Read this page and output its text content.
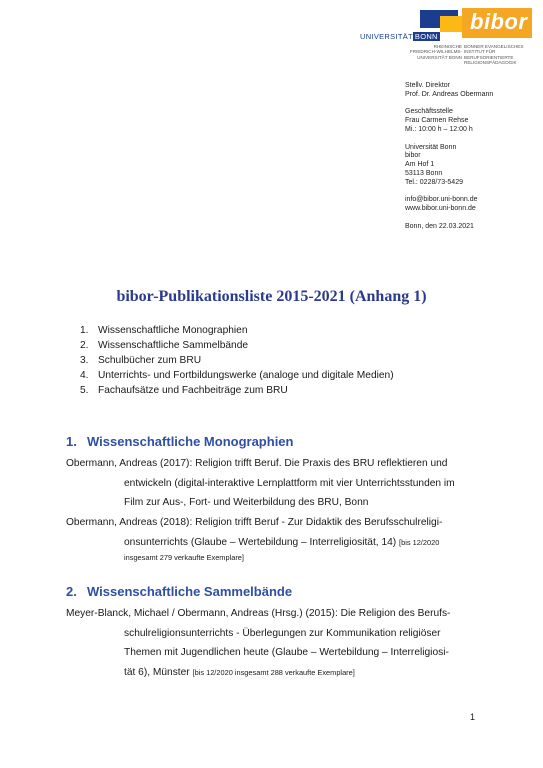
UNIVERSITÄT BONN
RHEINISCHE
FRIEDRICH-WILHELMS-
UNIVERSITÄT BONN
bibor
BONNER EVANGELISCHES
INSTITUT FÜR BERUFSORIENTIERTE
RELIGIONSPÄDAGOGIK

Stellv. Direktor

Prof. Dr. Andreas Obermann

Geschäftsstelle

Frau Carmen Rehse

Mi.: 10:00 h – 12:00 h

Universität Bonn

bibor

Am Hof 1

53113 Bonn

Tel.: 0228/73-5429

info@bibor.uni-bonn.de

www.bibor.uni-bonn.de

Bonn, den 22.03.2021

bibor-Publikationsliste 2015-2021 (Anhang 1)
1. Wissenschaftliche Monographien
2. Wissenschaftliche Sammelbände
3. Schulbücher zum BRU
4. Unterrichts- und Fortbildungswerke (analoge und digitale Medien)
5. Fachaufsätze und Fachbeiträge zum BRU
1. Wissenschaftliche Monographien
Obermann, Andreas (2017): Religion trifft Beruf. Die Praxis des BRU reflektieren und
entwickeln (digital-interaktive Lernplattform mit vier Unterrichtsstunden im
Film zur Aus-, Fort- und Weiterbildung des BRU, Bonn
Obermann, Andreas (2018): Religion trifft Beruf - Zur Didaktik des Berufsschulreligi-
onsunterrichts (Glaube – Wertebildung – Interreligiosität, 14) [bis 12/2020
insgesamt 279 verkaufte Exemplare]
2. Wissenschaftliche Sammelbände
Meyer-Blanck, Michael / Obermann, Andreas (Hrsg.) (2015): Die Religion des Berufs-
schulreligionsunterrichts - Überlegungen zur Kommunikation religiöser
Themen mit Jugendlichen heute (Glaube – Wertebildung – Interreligiosi-
tät 6), Münster [bis 12/2020 insgesamt 288 verkaufte Exemplare]
1
